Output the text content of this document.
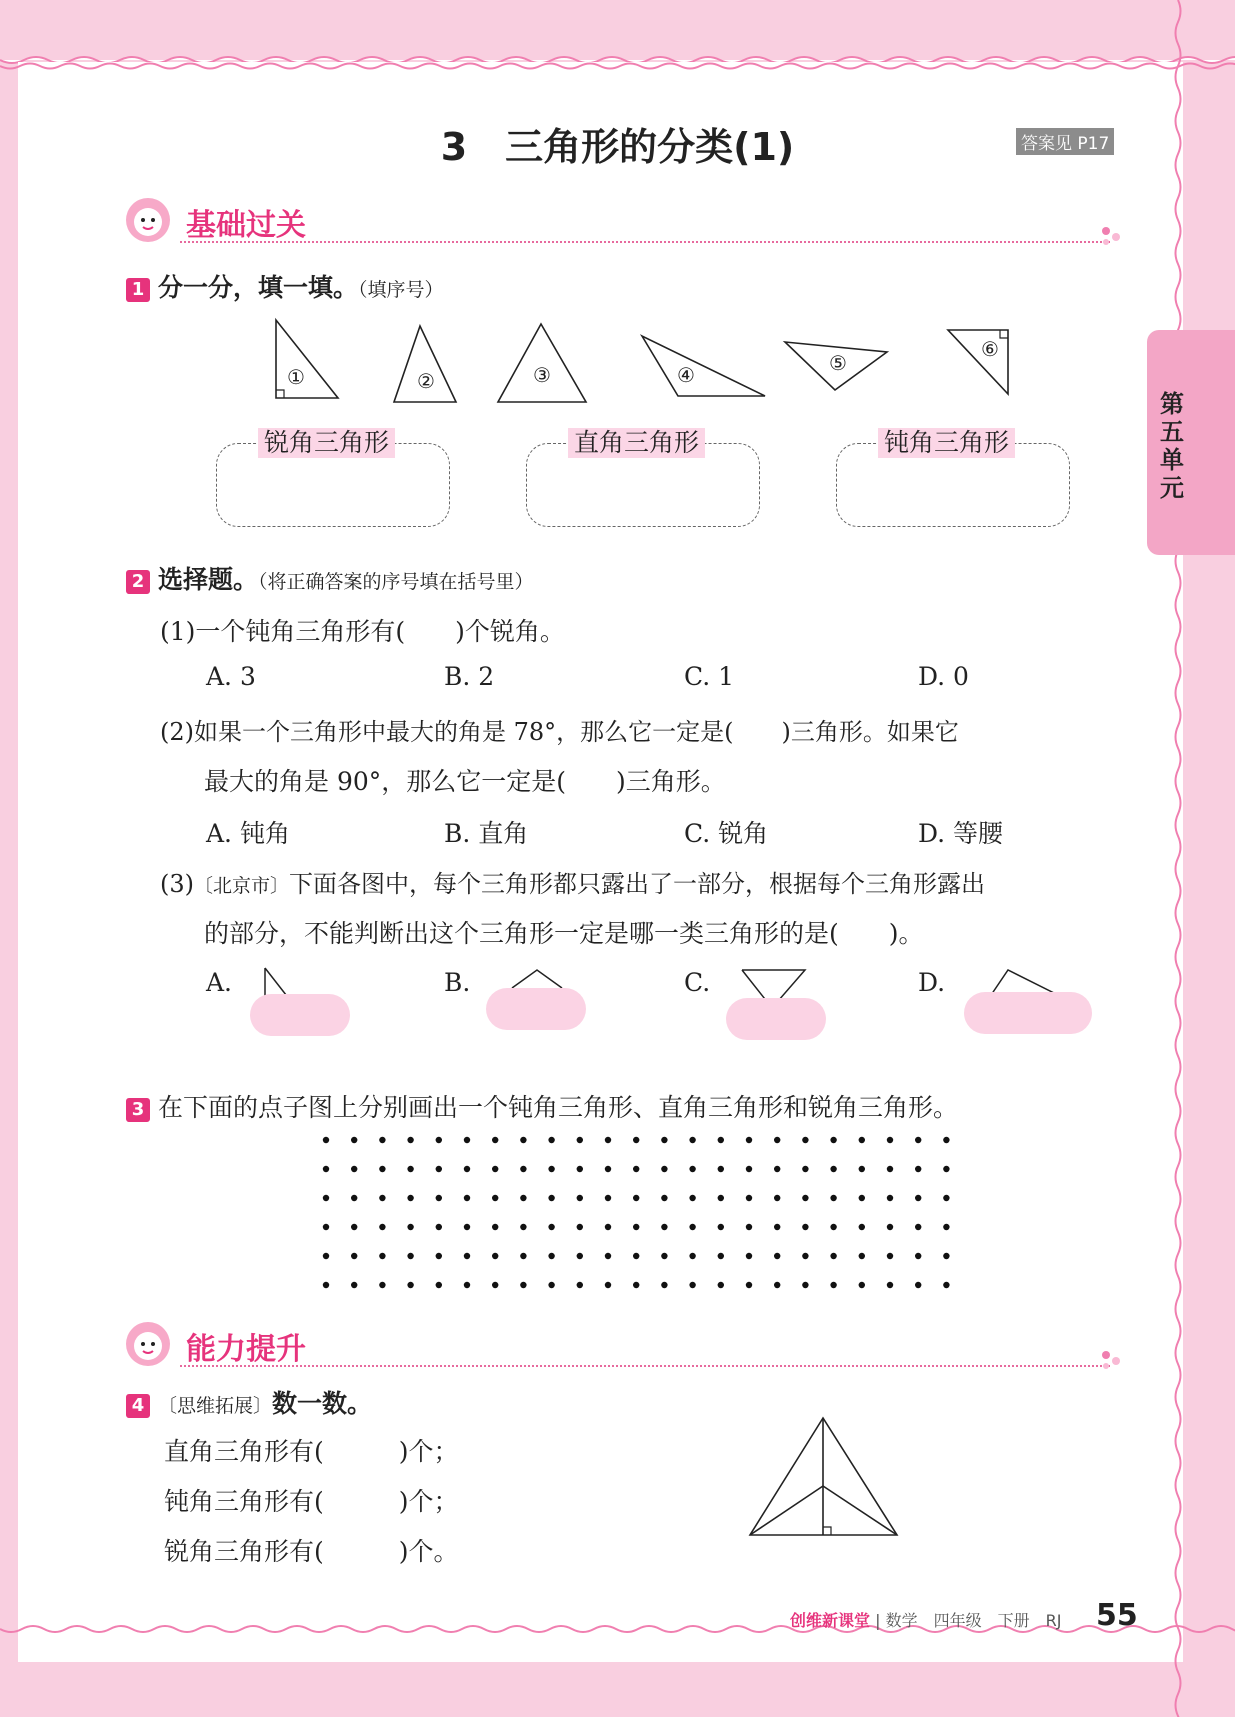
3　三角形的分类(1)	答案见 P17
第五单元
基础过关
1 分一分，填一填。（填序号）
①	②	③	④	⑤
⑥
锐角三角形	直角三角形	钝角三角形
2 选择题。（将正确答案的序号填在括号里）
(1)一个钝角三角形有(　　)个锐角。
A. 3	B. 2	C. 1	D. 0
(2)如果一个三角形中最大的角是 78°，那么它一定是(　　)三角形。如果它
最大的角是 90°，那么它一定是(　　)三角形。
A. 钝角	B. 直角	C. 锐角	D. 等腰
(3)〔北京市〕下面各图中，每个三角形都只露出了一部分，根据每个三角形露出
的部分，不能判断出这个三角形一定是哪一类三角形的是(　　)。
A.	B.	C.	D.
3 在下面的点子图上分别画出一个钝角三角形、直角三角形和锐角三角形。
能力提升
4 〔思维拓展〕数一数。
直角三角形有(　　　)个；
钝角三角形有(　　　)个；
锐角三角形有(　　　)个。
创维新课堂 | 数学　四年级　下册　RJ 55
